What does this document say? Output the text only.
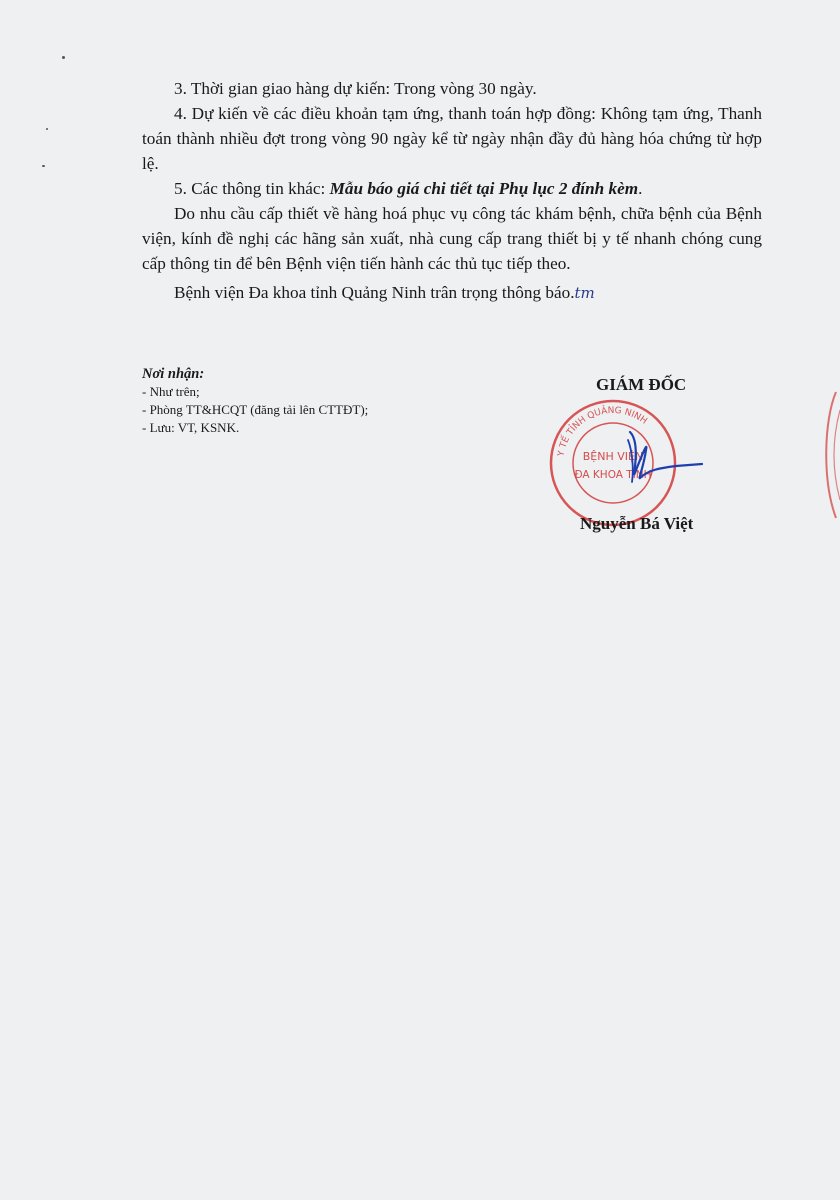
3. Thời gian giao hàng dự kiến: Trong vòng 30 ngày.

4. Dự kiến về các điều khoản tạm ứng, thanh toán hợp đồng: Không tạm ứng, Thanh toán thành nhiều đợt trong vòng 90 ngày kể từ ngày nhận đầy đủ hàng hóa chứng từ hợp lệ.

5. Các thông tin khác: Mẫu báo giá chi tiết tại Phụ lục 2 đính kèm.

Do nhu cầu cấp thiết về hàng hoá phục vụ công tác khám bệnh, chữa bệnh của Bệnh viện, kính đề nghị các hãng sản xuất, nhà cung cấp trang thiết bị y tế nhanh chóng cung cấp thông tin để bên Bệnh viện tiến hành các thủ tục tiếp theo.

Bệnh viện Đa khoa tỉnh Quảng Ninh trân trọng thông báo.tm

Nơi nhận:
- Như trên;
- Phòng TT&HCQT (đăng tải lên CTTĐT);
- Lưu: VT, KSNK.
GIÁM ĐỐC
Y TẾ TỈNH QUẢNG NINH
BỆNH VIỆN
ĐA KHOA TỈNH
Nguyễn Bá Việt
